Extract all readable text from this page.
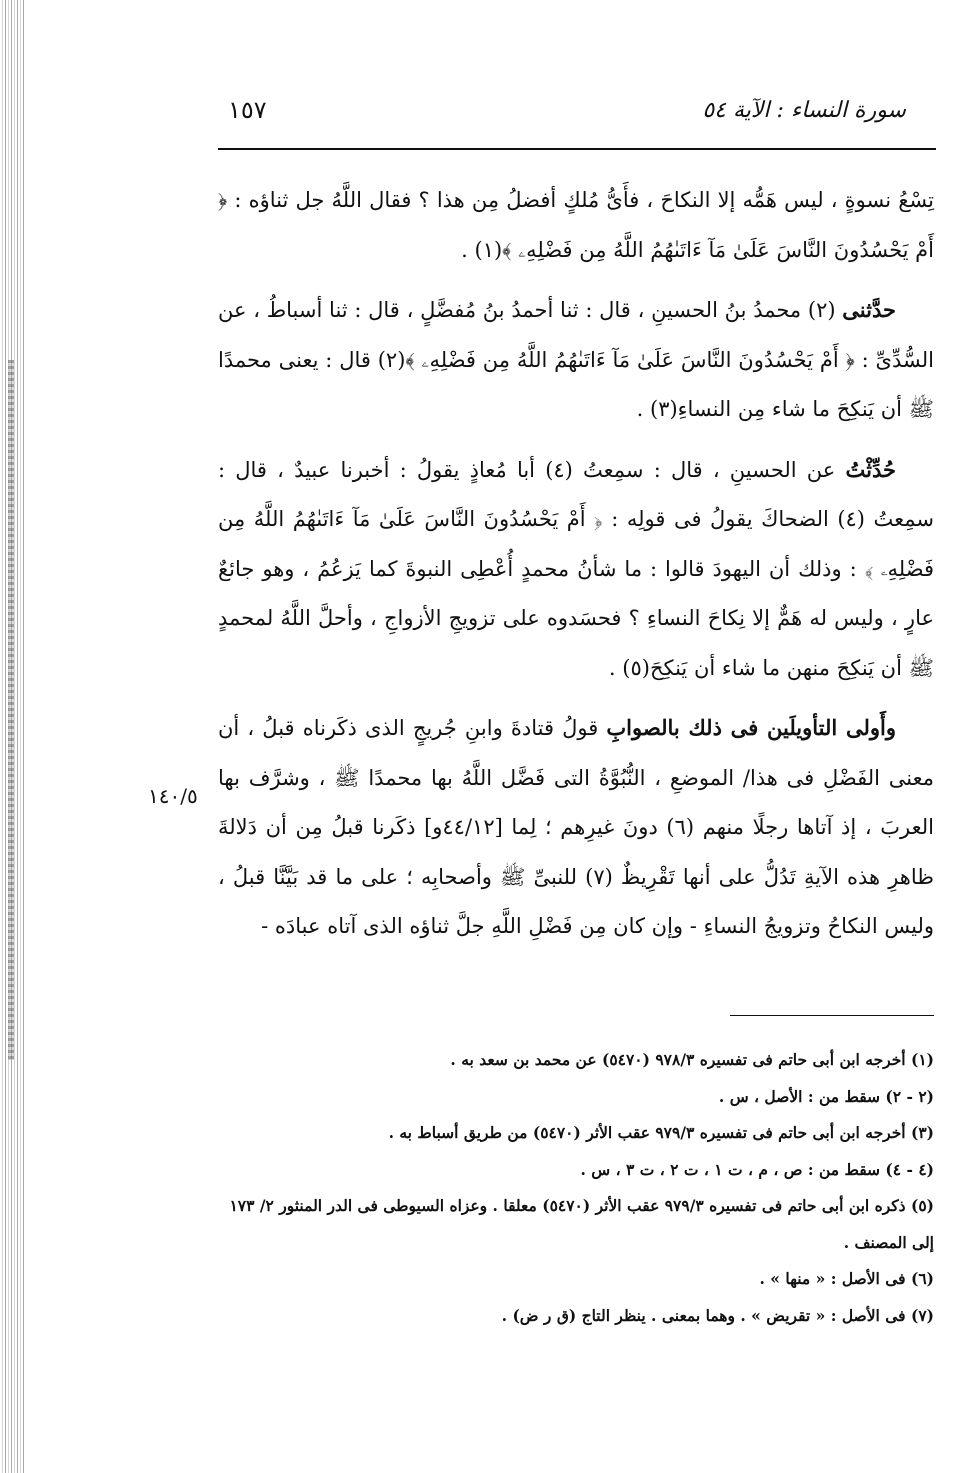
سورة النساء : الآية ٥٤
١٥٧

تِسْعُ نسوةٍ ، ليس هَمُّه إلا النكاحَ ، فأَىُّ مُلكٍ أفضلُ مِن هذا ؟ فقال اللَّهُ جل ثناؤه : ﴿ أَمْ يَحْسُدُونَ النَّاسَ عَلَىٰ مَآ ءَاتَىٰهُمُ اللَّهُ مِن فَضْلِهِۦ ﴾(١) .

حدَّثنى (٢) محمدُ بنُ الحسينِ ، قال : ثنا أحمدُ بنُ مُفضَّلٍ ، قال : ثنا أسباطُ ، عن السُّدِّىِّ : ﴿ أَمْ يَحْسُدُونَ النَّاسَ عَلَىٰ مَآ ءَاتَىٰهُمُ اللَّهُ مِن فَضْلِهِۦ ﴾(٢) قال : يعنى محمدًا ﷺ أن يَنكِحَ ما شاء مِن النساءِ(٣) .

حُدِّثْتُ عن الحسينِ ، قال : سمِعتُ (٤) أبا مُعاذٍ يقولُ : أخبرنا عبيدٌ ، قال : سمِعتُ (٤) الضحاكَ يقولُ فى قولِه : ﴿ أَمْ يَحْسُدُونَ النَّاسَ عَلَىٰ مَآ ءَاتَىٰهُمُ اللَّهُ مِن فَضْلِهِۦ ﴾ : وذلك أن اليهودَ قالوا : ما شأنُ محمدٍ أُعْطِى النبوةَ كما يَزعُمُ ، وهو جائعٌ عارٍ ، وليس له هَمٌّ إلا نِكاحَ النساءِ ؟ فحسَدوه على تزويجِ الأزواجِ ، وأحلَّ اللَّهُ لمحمدٍ ﷺ أن يَنكِحَ منهن ما شاء أن يَنكِحَ(٥) .

وأَولى التأويلَين فى ذلك بالصوابِ قولُ قتادةَ وابنِ جُريجٍ الذى ذكَرناه قبلُ ، أن معنى الفَضْلِ فى هذا/ الموضعِ ، النُّبُوَّةُ التى فَضَّل اللَّهُ بها محمدًا ﷺ ، وشرَّف بها العربَ ، إذ آتاها رجلًا منهم (٦) دونَ غيرِهم ؛ لِما [٤٤/١٢و] ذكَرنا قبلُ مِن أن دَلالةَ ظاهرِ هذه الآيةِ تَدُلُّ على أنها تَقْرِيظٌ (٧) للنبىِّ ﷺ وأصحابِه ؛ على ما قد بَيَّنَّا قبلُ ، وليس النكاحُ وتزويجُ النساءِ - وإن كان مِن فَضْلِ اللَّهِ جلَّ ثناؤه الذى آتاه عبادَه -

١٤٠/٥

(١) أخرجه ابن أبى حاتم فى تفسيره ٩٧٨/٣ (٥٤٧٠) عن محمد بن سعد به .

(٢ - ٢) سقط من : الأصل ، س .

(٣) أخرجه ابن أبى حاتم فى تفسيره ٩٧٩/٣ عقب الأثر (٥٤٧٠) من طريق أسباط به .

(٤ - ٤) سقط من : ص ، م ، ت ١ ، ت ٢ ، ت ٣ ، س .

(٥) ذكره ابن أبى حاتم فى تفسيره ٩٧٩/٣ عقب الأثر (٥٤٧٠) معلقا . وعزاه السيوطى فى الدر المنثور ٢/ ١٧٣ إلى المصنف .

(٦) فى الأصل : « منها » .

(٧) فى الأصل : « تقريض » . وهما بمعنى . ينظر التاج (ق ر ض) .
